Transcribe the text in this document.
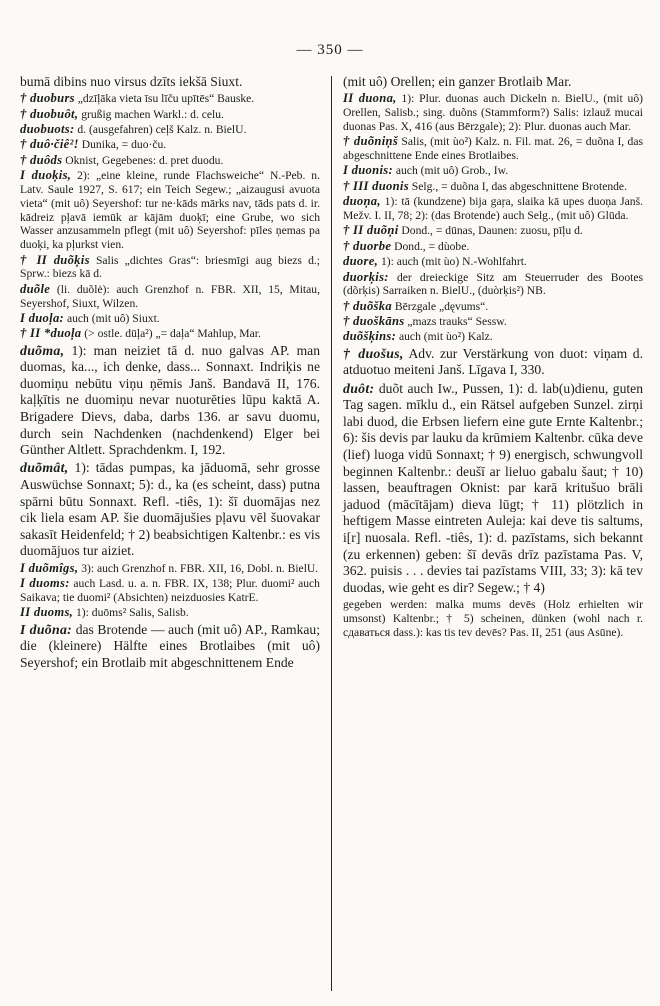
— 350 —
bumā dibins nuo virsus dzīts iekšā Siuxt.
† duoburs „dzīļāka vieta īsu līču upītēs“ Bauske.
† duobuôt, grußig machen Warkl.: d. celu.
duobuots: d. (ausgefahren) ceļš Kalz. n. BielU.
† duô·čiê²! Dunika, = duo·ču.
† duôds Oknist, Gegebenes: d. pret duodu.
I duoķis, 2): „eine kleine, runde Flachsweiche“ N.-Peb. n. Latv. Saule 1927, S. 617; ein Teich Segew.; „aizaugusi avuota vieta“ (mit uô) Seyershof: tur ne·kāds mārks nav, tāds pats d. ir. kādreiz pļavā iemūk ar kājām duoķī; eine Grube, wo sich Wasser anzusammeln pflegt (mit uô) Seyershof: pīles ņemas pa duoķi, ka pļurkst vien.
† II duõķis Salis „dichtes Gras“: briesmīgi aug biezs d.; Sprw.: biezs kā d.
duõle (li. duõlė): auch Grenzhof n. FBR. XII, 15, Mitau, Seyershof, Siuxt, Wilzen.
I duoļa: auch (mit uô) Siuxt.
† II *duoļa (> ostle. dūļa²) „= daļa“ Mahlup, Mar.
duõma, 1): man neiziet tā d. nuo galvas AP. man duomas, ka..., ich denke, dass... Sonnaxt. Indriķis ne duomiņu nebūtu viņu ņēmis Janš. Bandavā II, 176. kaļķītis ne duomiņu nevar nuoturēties lūpu kaktā A. Brigadere Dievs, daba, darbs 136. ar savu duomu, durch sein Nachdenken (nachdenkend) Elger bei Günther Altlett. Sprachdenkm. I, 192.
duõmât, 1): tādas pumpas, ka jāduomā, sehr grosse Auswüchse Sonnaxt; 5): d., ka (es scheint, dass) putna spārni būtu Sonnaxt. Refl. -tiês, 1): šī duomājas nez cik liela esam AP. šie duomājušies pļavu vēl šuovakar sakasīt Heidenfeld; † 2) beabsichtigen Kaltenbr.: es vis duomājuos tur aiziet.
I duõmîgs, 3): auch Grenzhof n. FBR. XII, 16, Dobl. n. BielU.
I duoms: auch Lasd. u. a. n. FBR. IX, 138; Plur. duomi² auch Saikava; tie duomi² (Absichten) neizduosies KatrE.
II duoms, 1): duōms² Salis, Salisb.
I duõna: das Brotende — auch (mit uô) AP., Ramkau; die (kleinere) Hälfte eines Brotlaibes (mit uô) Seyershof; ein Brotlaib mit abgeschnittenem Ende
(mit uô) Orellen; ein ganzer Brotlaib Mar.
II duona, 1): Plur. duonas auch Dickeln n. BielU., (mit uô) Orellen, Salisb.; sing. duõns (Stammform?) Salis: izlauž mucai duonas Pas. X, 416 (aus Bērzgale); 2): Plur. duonas auch Mar.
† duõniņš Salis, (mit ùo²) Kalz. n. Fil. mat. 26, = duõna I, das abgeschnittene Ende eines Brotlaibes.
I duonis: auch (mit uô) Grob., Iw.
† III duonis Selg., = duõna I, das abgeschnittene Brotende.
duoņa, 1): tā (kundzene) bija gaŗa, slaika kā upes duoņa Janš. Mežv. I. II, 78; 2): (das Brotende) auch Selg., (mit uô) Glūda.
† II duõņi Dond., = dūnas, Daunen: zuosu, pīļu d.
† duorbe Dond., = dùobe.
duore, 1): auch (mit ùo) N.-Wohlfahrt.
duorķis: der dreieckige Sitz am Steuerruder des Bootes (dõrķis) Sarraiken n. BielU., (duòrķis²) NB.
† duõška Bērzgale „dęvums“.
† duoškāns „mazs trauks“ Sessw.
duõšķins: auch (mit ùo²) Kalz.
† duošus, Adv. zur Verstärkung von duot: viņam d. atduotuo meiteni Janš. Līgava I, 330.
duôt: duõt auch Iw., Pussen, 1): d. lab(u)dienu, guten Tag sagen. mīklu d., ein Rätsel aufgeben Sunzel. zirņi labi duod, die Erbsen liefern eine gute Ernte Kaltenbr.; 6): šis devis par lauku da krūmiem Kaltenbr. cūka deve (lief) luoga vidū Sonnaxt; † 9) energisch, schwungvoll beginnen Kaltenbr.: deušī ar lieluo gabalu šaut; † 10) lassen, beauftragen Oknist: par karā kritušuo brāli jaduod (mācītājam) dieva lūgt; † 11) plötzlich in heftigem Masse eintreten Auleja: kai deve tis saltums, i[r] nuosala. Refl. -tiês, 1): d. pazīstams, sich bekannt (zu erkennen) geben: šī devās drīz pazīstama Pas. V, 362. puisis . . . devies tai pazīstams VIII, 33; 3): kā tev duodas, wie geht es dir? Segew.; † 4)
gegeben werden: malka mums devēs (Holz erhielten wir umsonst) Kaltenbr.; † 5) scheinen, dünken (wohl nach r. сдаваться dass.): kas tis tev devēs? Pas. II, 251 (aus Asūne).
